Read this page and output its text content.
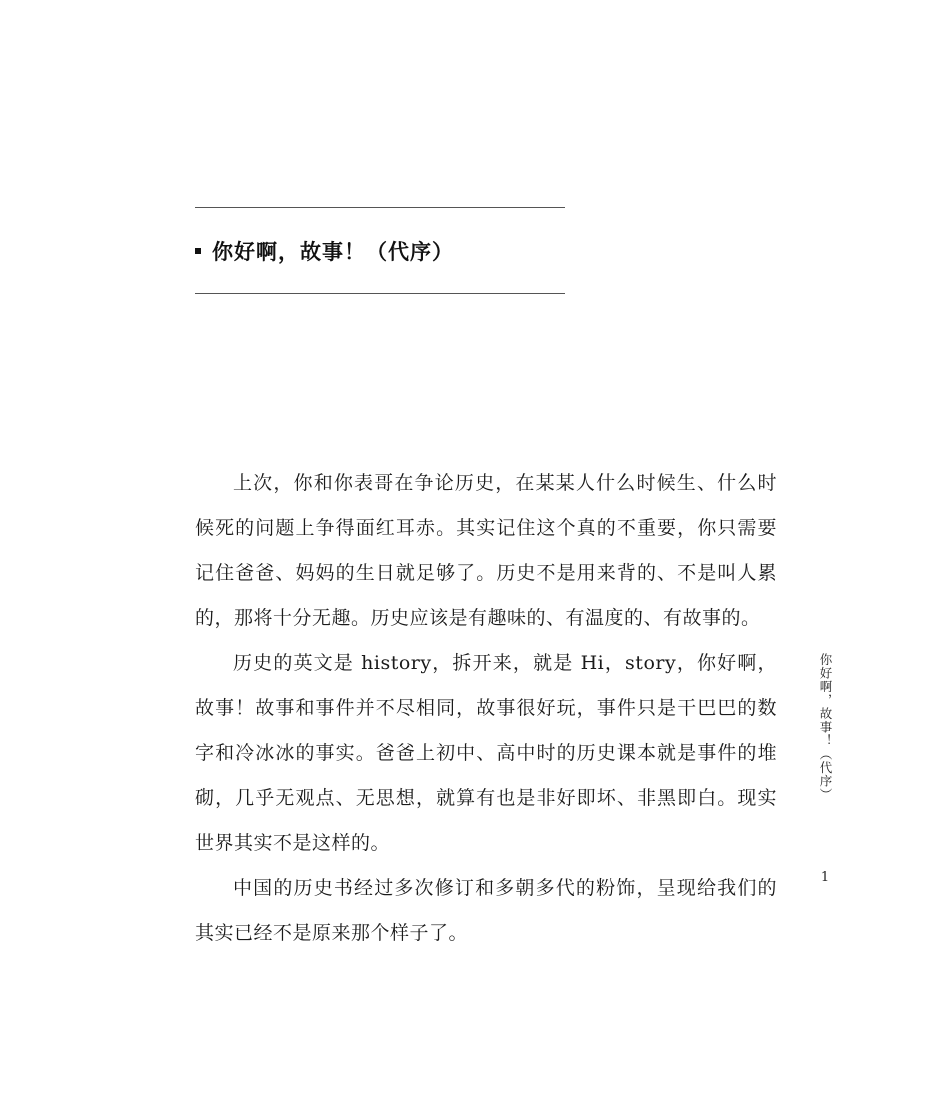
你好啊，故事！（代序）

上次，你和你表哥在争论历史，在某某人什么时候生、什么时候死的问题上争得面红耳赤。其实记住这个真的不重要，你只需要记住爸爸、妈妈的生日就足够了。历史不是用来背的、不是叫人累的，那将十分无趣。历史应该是有趣味的、有温度的、有故事的。

历史的英文是 history，拆开来，就是 Hi，story，你好啊，故事！故事和事件并不尽相同，故事很好玩，事件只是干巴巴的数字和冷冰冰的事实。爸爸上初中、高中时的历史课本就是事件的堆砌，几乎无观点、无思想，就算有也是非好即坏、非黑即白。现实世界其实不是这样的。

中国的历史书经过多次修订和多朝多代的粉饰，呈现给我们的其实已经不是原来那个样子了。

你好啊，故事！（代序）
1
